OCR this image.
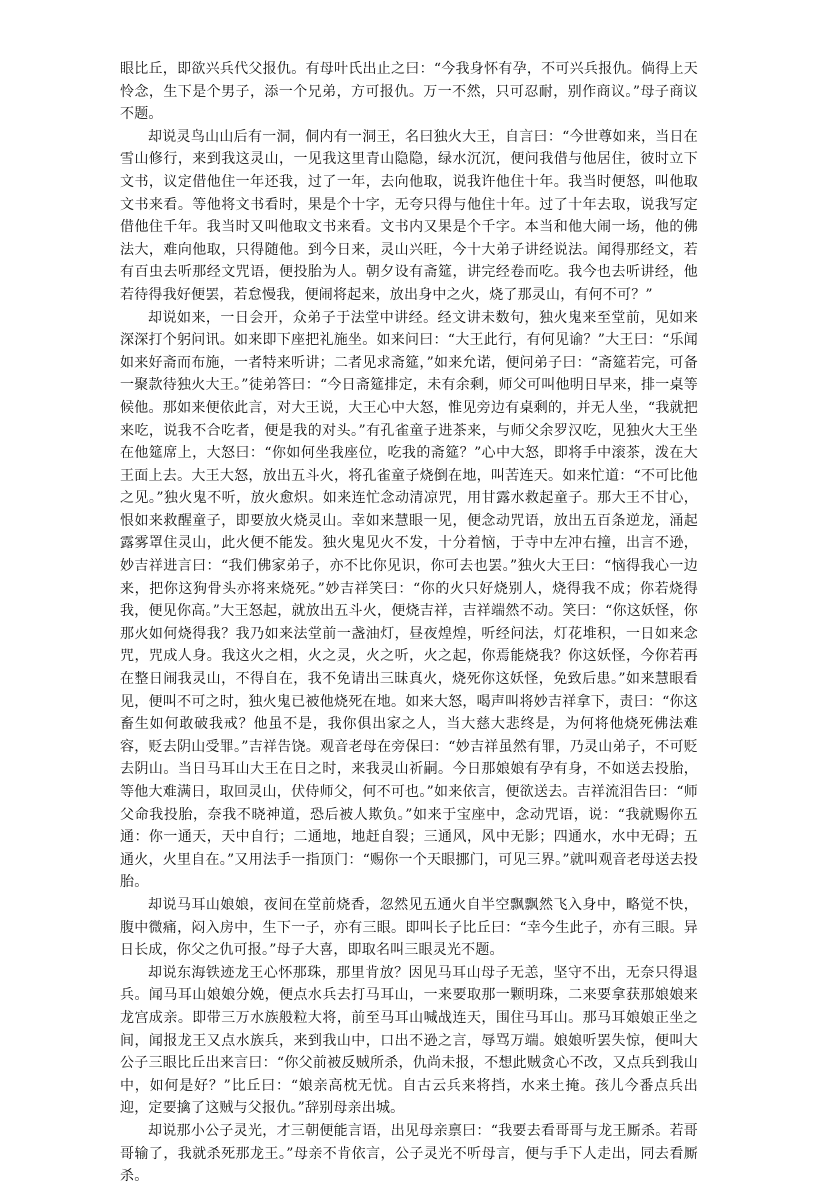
眼比丘，即欲兴兵代父报仇。有母叶氏出止之曰：“今我身怀有孕，不可兴兵报仇。倘得上天怜念，生下是个男子，添一个兄弟，方可报仇。万一不然，只可忍耐，别作商议。”母子商议不题。

却说灵鸟山山后有一洞，侗内有一洞王，名曰独火大王，自言曰：“今世尊如来，当日在雪山修行，来到我这灵山，一见我这里青山隐隐，绿水沉沉，便问我借与他居住，彼时立下文书，议定借他住一年还我，过了一年，去向他取，说我许他住十年。我当时便怒，叫他取文书来看。等他将文书看时，果是个十字，无夸只得与他住十年。过了十年去取，说我写定借他住千年。我当时又叫他取文书来看。文书内又果是个千字。本当和他大闹一场，他的佛法大，难向他取，只得随他。到今日来，灵山兴旺，今十大弟子讲经说法。闻得那经文，若有百虫去听那经文咒语，便投胎为人。朝夕设有斋筵，讲完经卷而吃。我今也去听讲经，他若待得我好便罢，若怠慢我，便闹将起来，放出身中之火，烧了那灵山，有何不可？”

却说如来，一日会开，众弟子于法堂中讲经。经文讲未数句，独火鬼来至堂前，见如来深深打个躬问讯。如来即下座把礼施坐。如来问曰：“大王此行，有何见谕？”大王曰：“乐闻如来好斋而布施，一者特来听讲；二者见求斋筵，”如来允诺，便问弟子曰：“斋筵若完，可备一聚款待独火大王。”徒弟答曰：“今日斋筵排定，未有余剩，师父可叫他明日早来，排一桌等候他。那如来便依此言，对大王说，大王心中大怒，惟见旁边有桌剩的，并无人坐，“我就把来吃，说我不合吃者，便是我的对头。”有孔雀童子进茶来，与师父余罗汉吃，见独火大王坐在他筵席上，大怒曰：“你如何坐我座位，吃我的斋筵？”心中大怒，即将手中滚茶，泼在大王面上去。大王大怒，放出五斗火，将孔雀童子烧倒在地，叫苦连天。如来忙道：“不可比他之见。”独火鬼不听，放火愈炽。如来连忙念动清凉咒，用甘露水救起童子。那大王不甘心，恨如来救醒童子，即要放火烧灵山。幸如来慧眼一见，便念动咒语，放出五百条逆龙，涌起露雾罩住灵山，此火便不能发。独火鬼见火不发，十分着恼，于寺中左冲右撞，出言不逊，妙吉祥进言曰：“我们佛家弟子，亦不比你见识，你可去也罢。”独火大王曰：“恼得我心一边来，把你这狗骨头亦将来烧死。”妙吉祥笑曰：“你的火只好烧别人，烧得我不成；你若烧得我，便见你高。”大王怒起，就放出五斗火，便烧吉祥，吉祥端然不动。笑曰：“你这妖怪，你那火如何烧得我？我乃如来法堂前一盏油灯，昼夜煌煌，听经问法，灯花堆积，一日如来念咒，咒成人身。我这火之相，火之灵，火之听，火之起，你焉能烧我？你这妖怪，今你若再在整日闹我灵山，不得自在，我不免请出三昧真火，烧死你这妖怪，免致后患。”如来慧眼看见，便叫不可之时，独火鬼已被他烧死在地。如来大怒，喝声叫将妙吉祥拿下，责曰：“你这畜生如何敢破我戒？他虽不是，我你俱出家之人，当大慈大悲终是，为何将他烧死佛法难容，贬去阴山受罪。”吉祥告饶。观音老母在旁保曰：“妙吉祥虽然有罪，乃灵山弟子，不可贬去阴山。当日马耳山大王在日之时，来我灵山祈嗣。今日那娘娘有孕有身，不如送去投胎，等他大难满日，取回灵山，伏侍师父，何不可也。”如来依言，便欲送去。吉祥流泪告曰：“师父命我投胎，奈我不晓神道，恐后被人欺负。”如来于宝座中，念动咒语，说：“我就赐你五通：你一通天，天中自行；二通地，地赶自裂；三通风，风中无影；四通水，水中无碍；五通火，火里自在。”又用法手一指顶门：“赐你一个天眼挪门，可见三界。”就叫观音老母送去投胎。

却说马耳山娘娘，夜间在堂前烧香，忽然见五通火自半空飘飘然飞入身中，略觉不快，腹中微痛，闷入房中，生下一子，亦有三眼。即叫长子比丘曰：“幸今生此子，亦有三眼。异日长成，你父之仇可报。”母子大喜，即取名叫三眼灵光不题。

却说东海铁迹龙王心怀那珠，那里肯放？因见马耳山母子无恙，坚守不出，无奈只得退兵。闻马耳山娘娘分娩，便点水兵去打马耳山，一来要取那一颗明珠，二来要拿获那娘娘来龙宫成亲。即带三万水族般粒大将，前至马耳山喊战连天，围住马耳山。那马耳娘娘正坐之间，闻报龙王又点水族兵，来到我山中，口出不逊之言，辱骂万端。娘娘听罢失惊，便叫大公子三眼比丘出来言曰：“你父前被反贼所杀，仇尚未报，不想此贼贪心不改，又点兵到我山中，如何是好？”比丘曰：“娘亲高枕无忧。自古云兵来将挡，水来土掩。孩儿今番点兵出迎，定要擒了这贼与父报仇。”辞别母亲出城。

却说那小公子灵光，才三朝便能言语，出见母亲禀曰：“我要去看哥哥与龙王厮杀。若哥哥输了，我就杀死那龙王。”母亲不肯依言，公子灵光不听母言，便与手下人走出，同去看厮杀。
